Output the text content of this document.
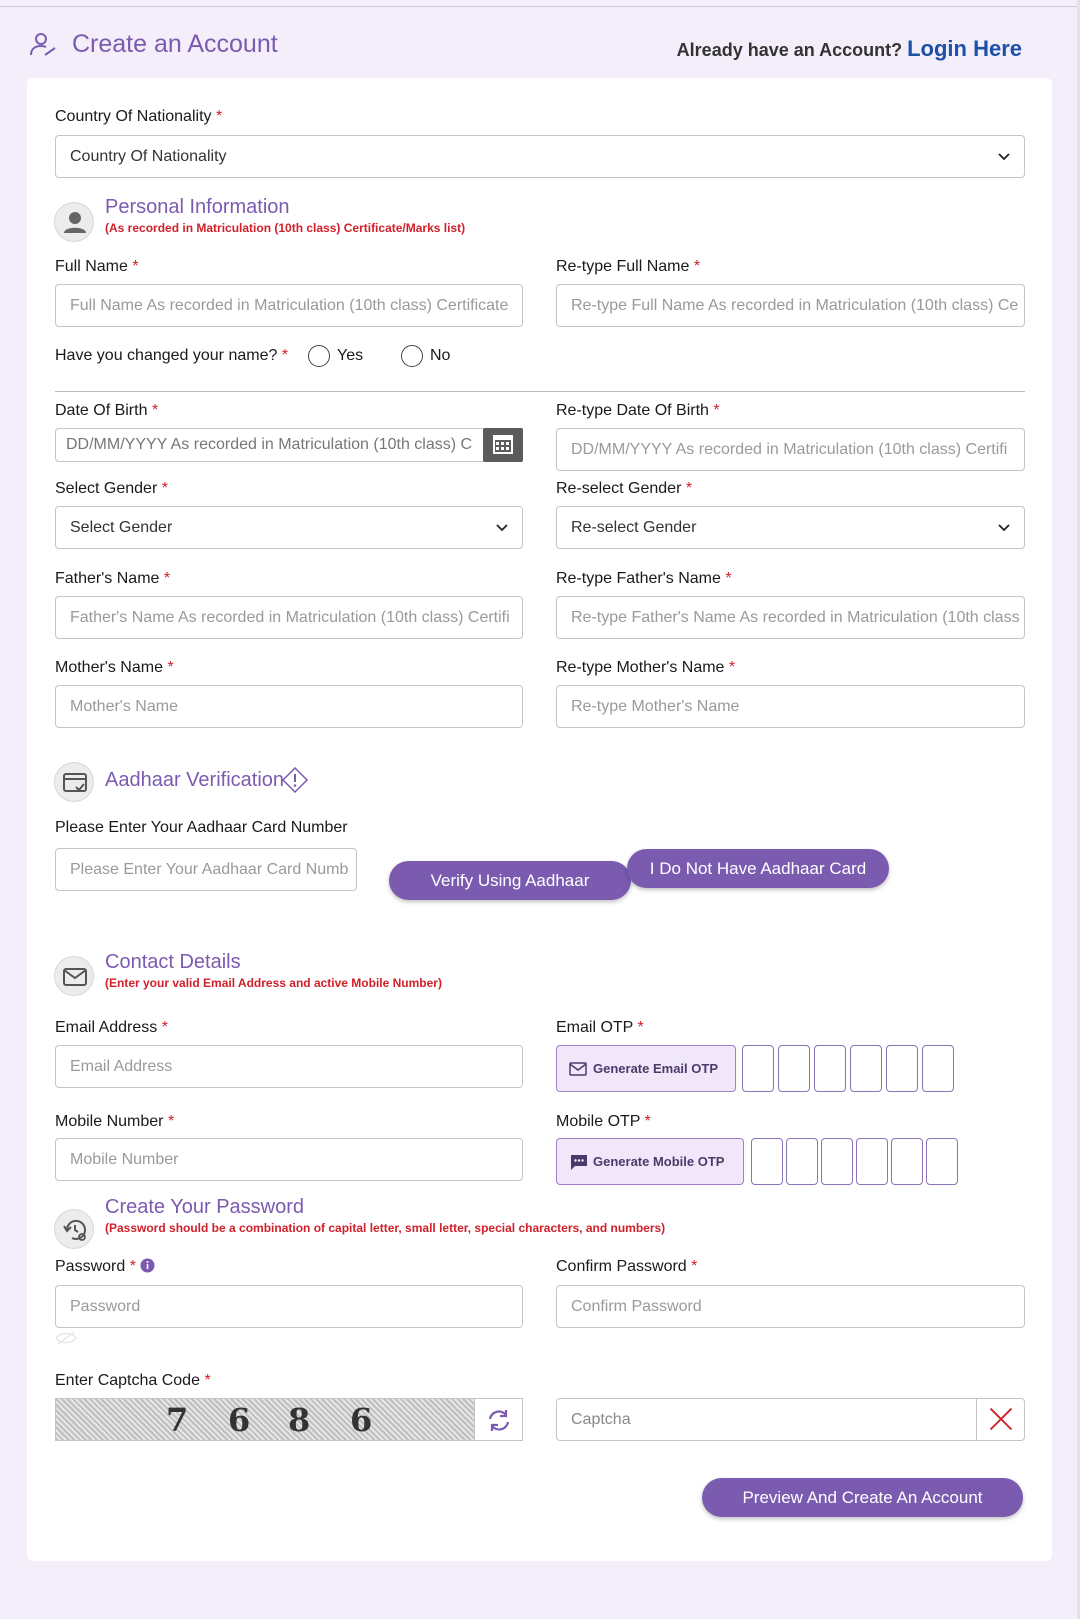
Create an Account	Already have an Account? Login Here
Country Of Nationality *
Country Of Nationality
Personal Information
(As recorded in Matriculation (10th class) Certificate/Marks list)
Full Name *
Full Name As recorded in Matriculation (10th class) Certificate
Re-type Full Name *
Re-type Full Name As recorded in Matriculation (10th class) Ce
Have you changed your name? *	Yes	No
Date Of Birth *
DD/MM/YYYY As recorded in Matriculation (10th class) C
Re-type Date Of Birth *
DD/MM/YYYY As recorded in Matriculation (10th class) Certifi
Select Gender *
Select Gender
Re-select Gender *
Re-select Gender
Father's Name *
Father's Name As recorded in Matriculation (10th class) Certifi
Re-type Father's Name *
Re-type Father's Name As recorded in Matriculation (10th class
Mother's Name *
Mother's Name
Re-type Mother's Name *
Re-type Mother's Name
Aadhaar Verification
Please Enter Your Aadhaar Card Number
Please Enter Your Aadhaar Card Numb
Verify Using Aadhaar
I Do Not Have Aadhaar Card
Contact Details
(Enter your valid Email Address and active Mobile Number)
Email Address *
Email Address
Email OTP *
Generate Email OTP
Mobile Number *
Mobile Number
Mobile OTP *
Generate Mobile OTP
Create Your Password
(Password should be a combination of capital letter, small letter, special characters, and numbers)
Password *
Password
Confirm Password *
Confirm Password
Enter Captcha Code *
7 6 8 6	Captcha
Preview And Create An Account
